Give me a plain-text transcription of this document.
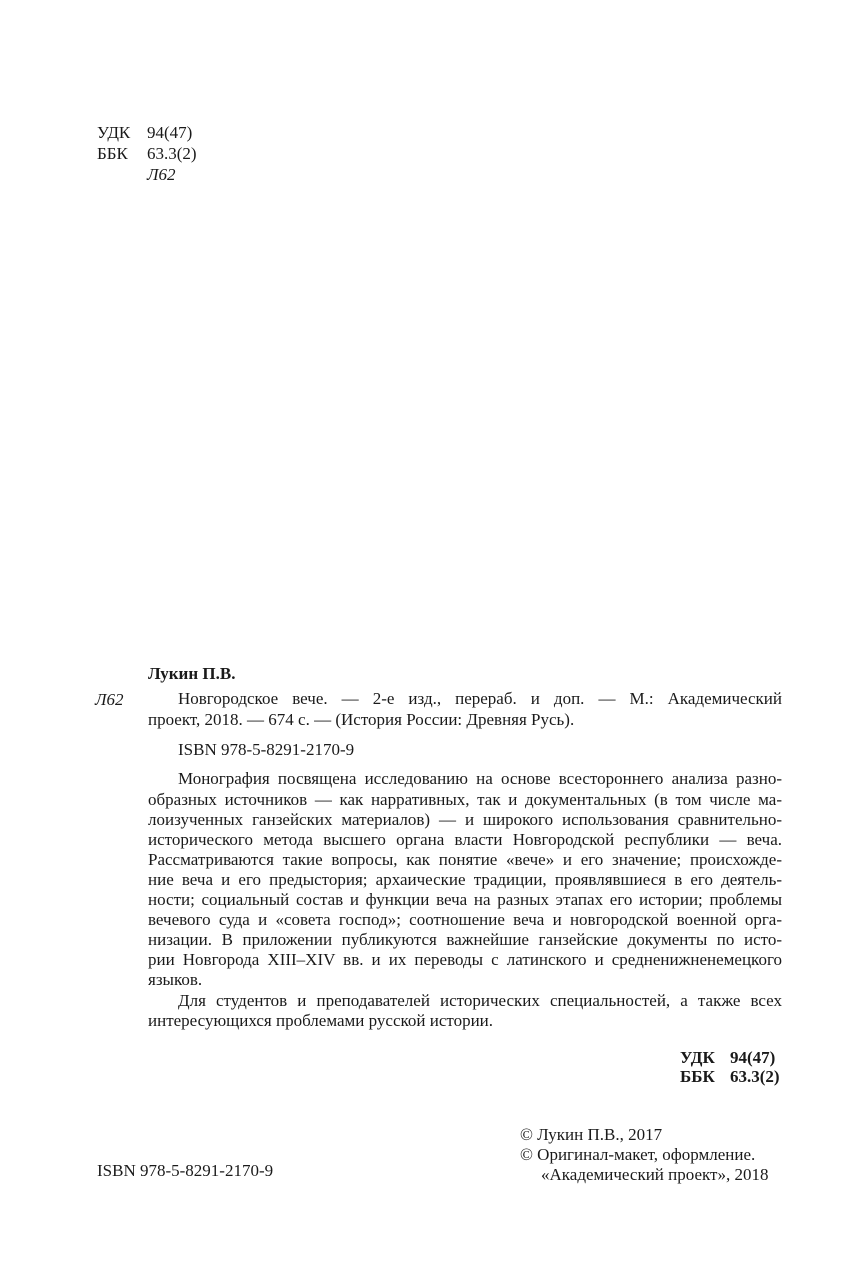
УДК 94(47)
ББК 63.3(2)
Л62
Лукин П.В.
Л62	Новгородское вече. — 2-е изд., перераб. и доп. — М.: Академический
проект, 2018. — 674 с. — (История России: Древняя Русь).
ISBN 978-5-8291-2170-9
Монография посвящена исследованию на основе всестороннего анализа разно-
образных источников — как нарративных, так и документальных (в том числе ма-
лоизученных ганзейских материалов) — и широкого использования сравнительно-
исторического метода высшего органа власти Новгородской республики — веча.
Рассматриваются такие вопросы, как понятие «вече» и его значение; происхожде-
ние веча и его предыстория; архаические традиции, проявлявшиеся в его деятель-
ности; социальный состав и функции веча на разных этапах его истории; проблемы
вечевого суда и «совета господ»; соотношение веча и новгородской военной орга-
низации. В приложении публикуются важнейшие ганзейские документы по исто-
рии Новгорода XIII–XIV вв. и их переводы с латинского и средненижненемецкого
языков.
Для студентов и преподавателей исторических специальностей, а также всех
интересующихся проблемами русской истории.
УДК 94(47)
ББК 63.3(2)
© Лукин П.В., 2017
© Оригинал-макет, оформление.
«Академический проект», 2018
ISBN 978-5-8291-2170-9
